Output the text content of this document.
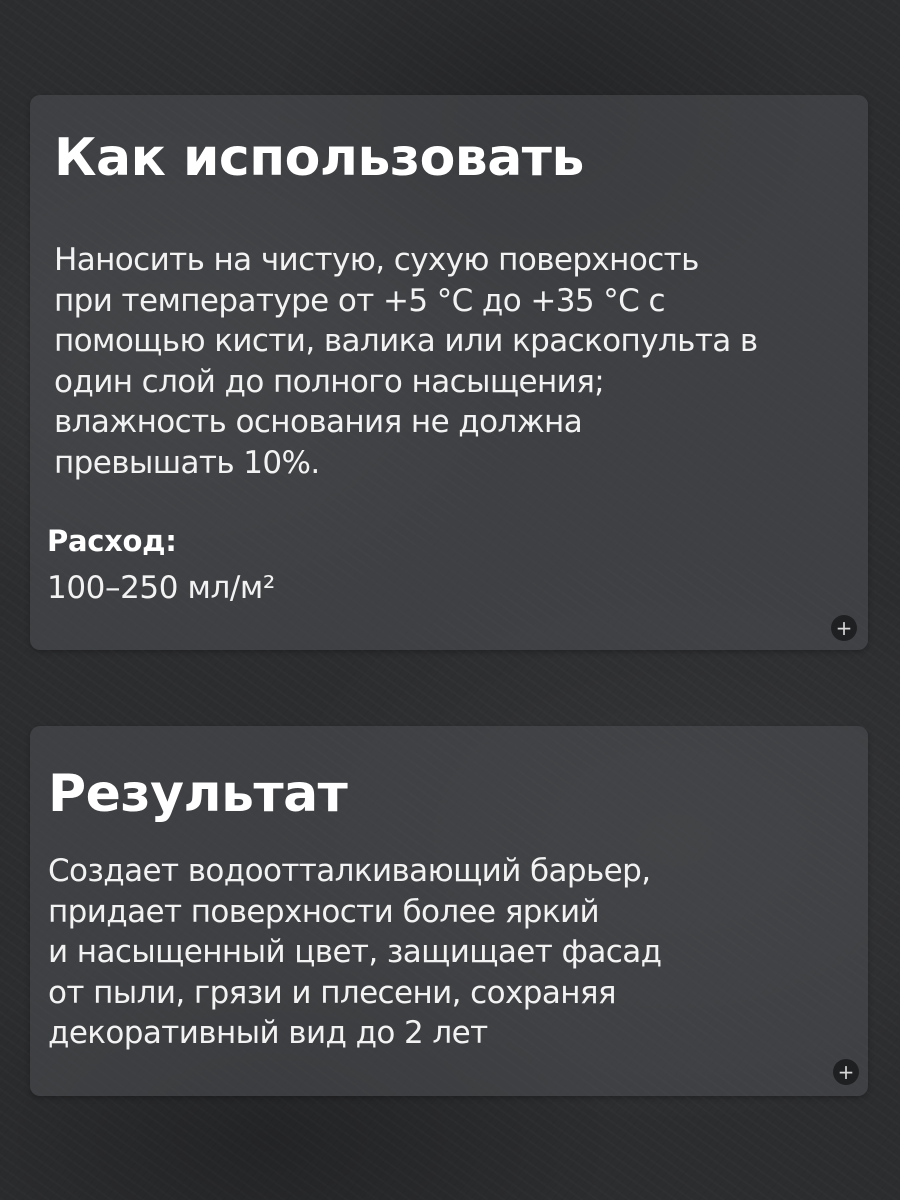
Как использовать

Наносить на чистую, сухую поверхность
при температуре от +5 °C до +35 °C с
помощью кисти, валика или краскопульта в
один слой до полного насыщения;
влажность основания не должна
превышать 10%.

Расход:
100–250 мл/м²
+
Результат

Создает водоотталкивающий барьер,
придает поверхности более яркий
и насыщенный цвет, защищает фасад
от пыли, грязи и плесени, сохраняя
декоративный вид до 2 лет

+
